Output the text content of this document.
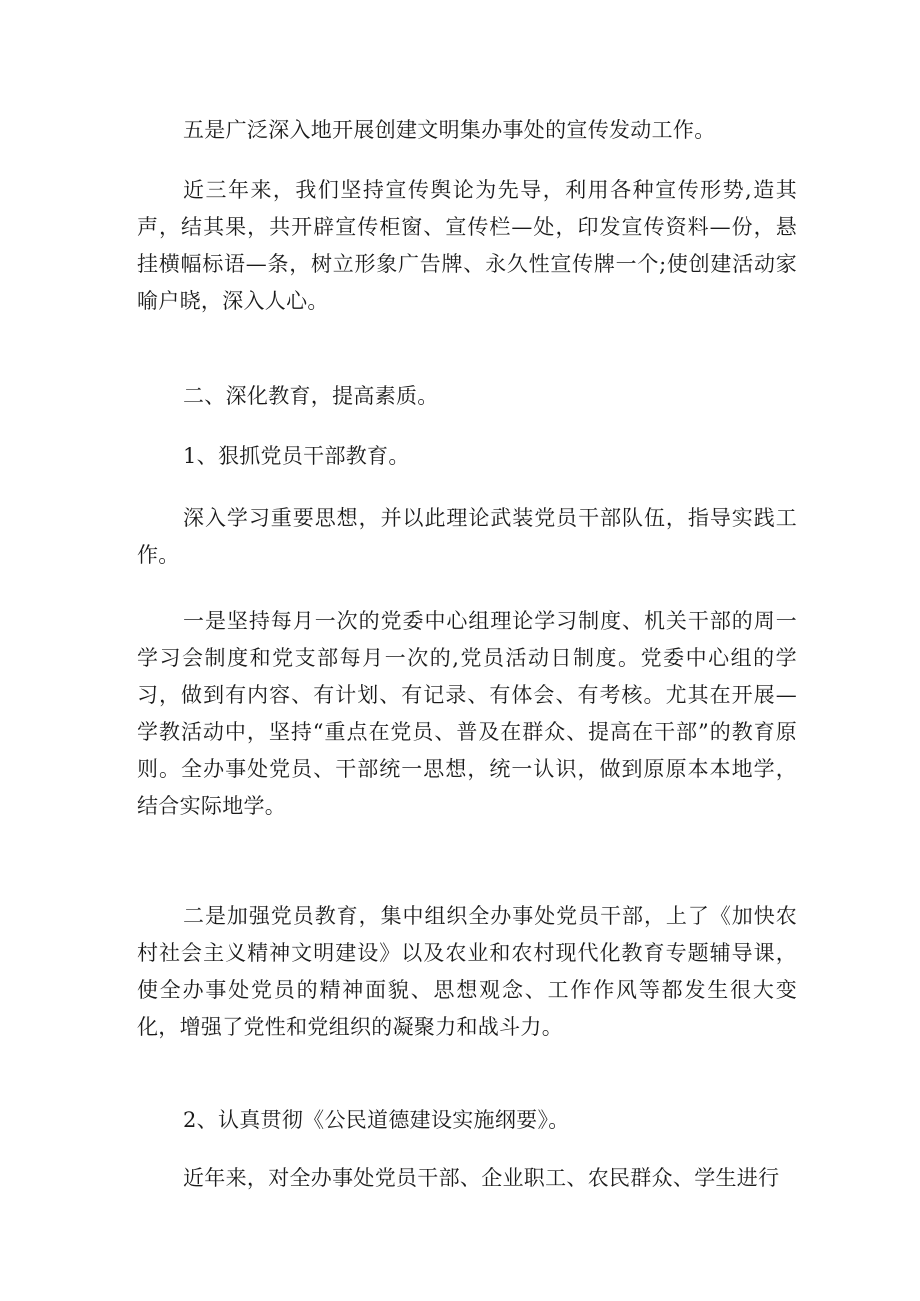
五是广泛深入地开展创建文明集办事处的宣传发动工作。

近三年来，我们坚持宣传舆论为先导，利用各种宣传形势,造其声，结其果，共开辟宣传柜窗、宣传栏—处，印发宣传资料—份，悬挂横幅标语—条，树立形象广告牌、永久性宣传牌一个;使创建活动家喻户晓，深入人心。

二、深化教育，提高素质。

1、狠抓党员干部教育。

深入学习重要思想，并以此理论武装党员干部队伍，指导实践工作。

一是坚持每月一次的党委中心组理论学习制度、机关干部的周一学习会制度和党支部每月一次的,党员活动日制度。党委中心组的学习，做到有内容、有计划、有记录、有体会、有考核。尤其在开展—学教活动中，坚持“重点在党员、普及在群众、提高在干部”的教育原则。全办事处党员、干部统一思想，统一认识，做到原原本本地学，结合实际地学。

二是加强党员教育，集中组织全办事处党员干部，上了《加快农村社会主义精神文明建设》以及农业和农村现代化教育专题辅导课，使全办事处党员的精神面貌、思想观念、工作作风等都发生很大变化，增强了党性和党组织的凝聚力和战斗力。

2、认真贯彻《公民道德建设实施纲要》。

近年来，对全办事处党员干部、企业职工、农民群众、学生进行
